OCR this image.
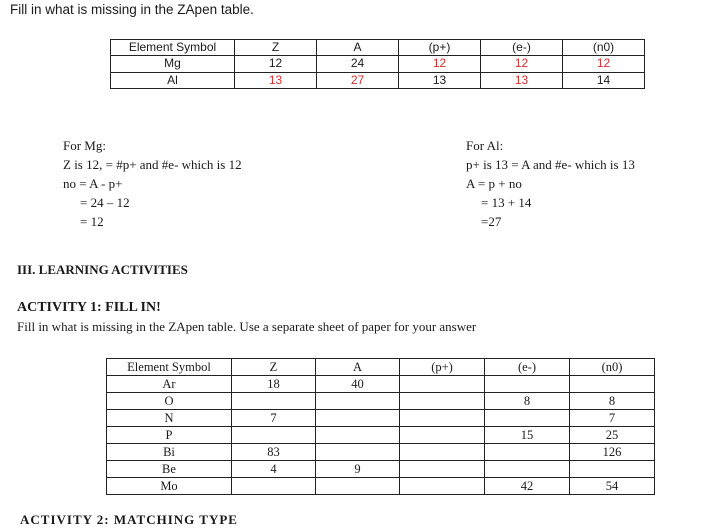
Fill in what is missing in the ZApen table.
Element Symbol	Z	A	(p+)	(e-)	(n0)
Mg	12	24	12	12	12
Al	13	27	13	13	14
For Mg:
Z is 12, = #p+ and #e- which is 12
no = A - p+
= 24 – 12
= 12
For Al:
p+ is 13 = A and #e- which is 13
A = p + no
= 13 + 14
=27
III. LEARNING ACTIVITIES
ACTIVITY 1: FILL IN!
Fill in what is missing in the ZApen table. Use a separate sheet of paper for your answer
Element Symbol	Z	A	(p+)	(e-)	(n0)
Ar	18	40			
O				8	8
N	7				7
P				15	25
Bi	83				126
Be	4	9			
Mo				42	54
ACTIVITY 2: MATCHING TYPE
